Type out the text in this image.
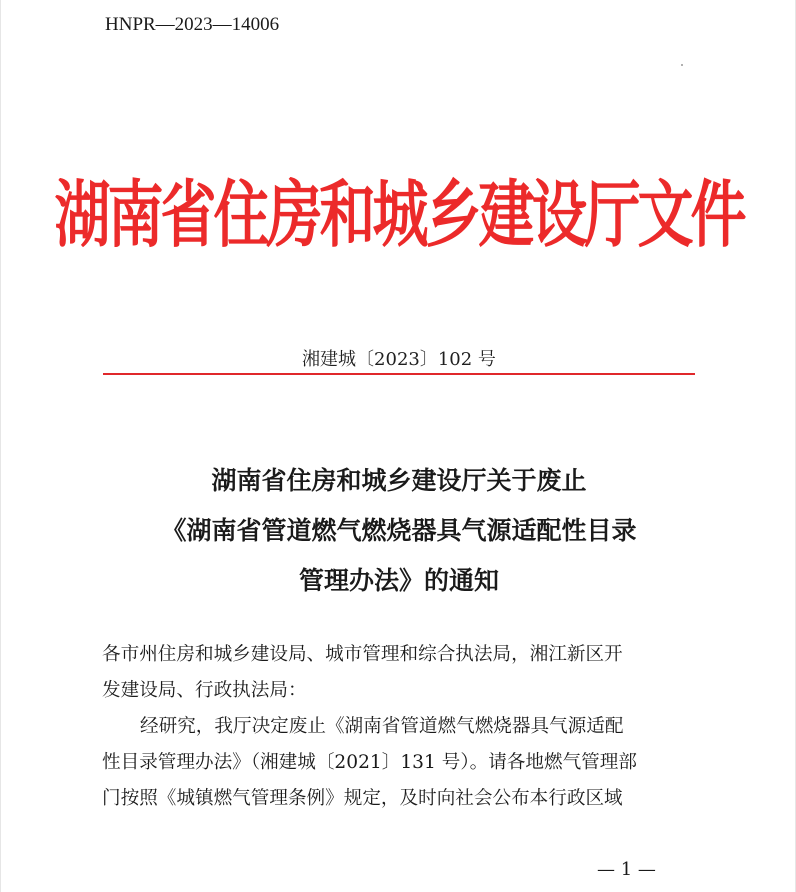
HNPR—2023—14006
湖南省住房和城乡建设厅文件
湘建城〔2023〕102 号
湖南省住房和城乡建设厅关于废止
《湖南省管道燃气燃烧器具气源适配性目录
管理办法》的通知
各市州住房和城乡建设局、城市管理和综合执法局，湘江新区开
发建设局、行政执法局：
经研究，我厅决定废止《湖南省管道燃气燃烧器具气源适配
性目录管理办法》（湘建城〔2021〕131 号）。请各地燃气管理部
门按照《城镇燃气管理条例》规定，及时向社会公布本行政区域
— 1 —
